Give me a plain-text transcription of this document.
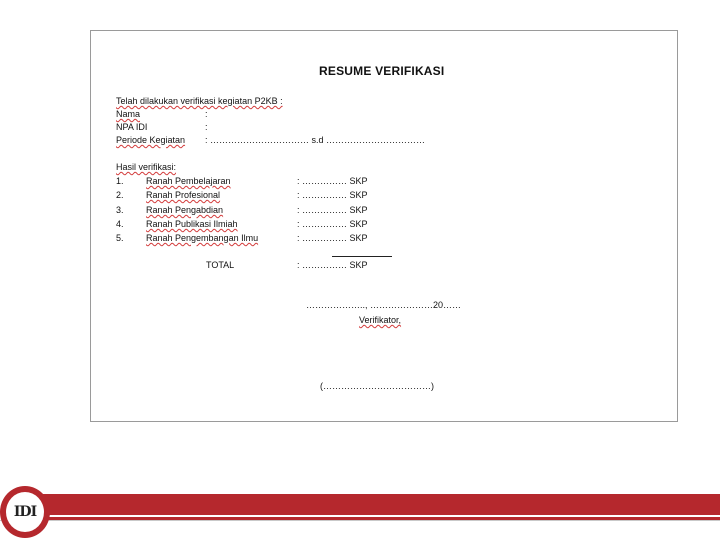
RESUME VERIFIKASI
Telah dilakukan verifikasi kegiatan P2KB :
Nama	:
NPA IDI	:
Periode Kegiatan : …………………………… s.d ……………………………
Hasil verifikasi:
1. Ranah Pembelajaran	: …………… SKP
2. Ranah Profesional	: …………… SKP
3. Ranah Pengabdian	: …………… SKP
4. Ranah Publikasi Ilmiah	: …………… SKP
5. Ranah Pengembangan Ilmu	: …………… SKP
TOTAL	: …………… SKP
……………….., …………………20……
Verifikator,
(………………………………)
IDI
